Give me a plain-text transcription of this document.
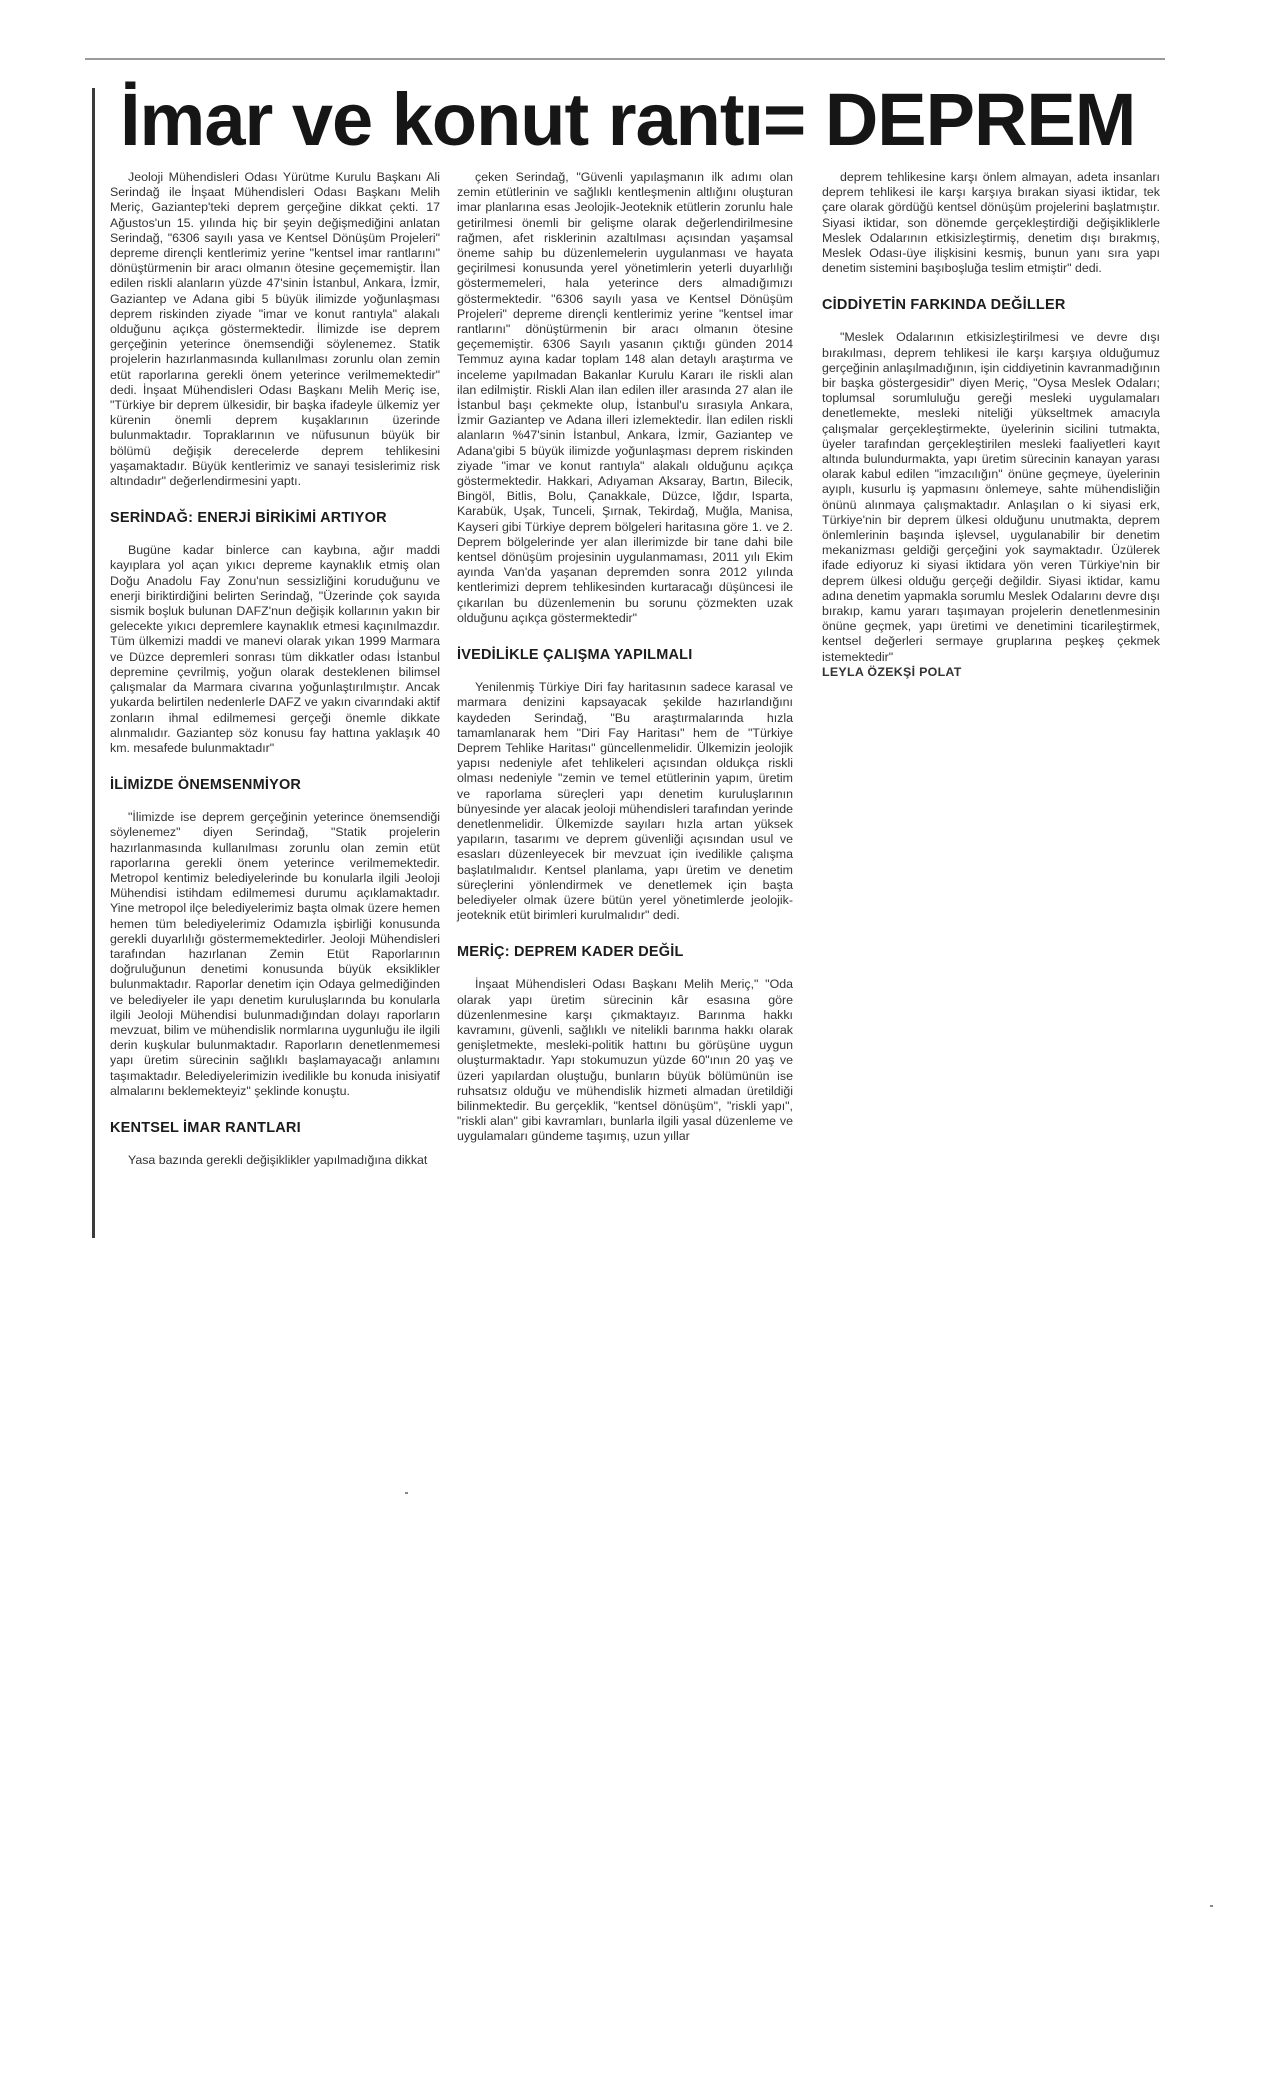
İmar ve konut rantı= DEPREM

Jeoloji Mühendisleri Odası Yürütme Kurulu Başkanı Ali Serindağ ile İnşaat Mühendisleri Odası Başkanı Melih Meriç, Gaziantep'teki deprem gerçeğine dikkat çekti. 17 Ağustos'un 15. yılında hiç bir şeyin değişmediğini anlatan Serindağ, "6306 sayılı yasa ve Kentsel Dönüşüm Projeleri" depreme dirençli kentlerimiz yerine "kentsel imar rantlarını" dönüştürmenin bir aracı olmanın ötesine geçememiştir. İlan edilen riskli alanların yüzde 47'sinin İstanbul, Ankara, İzmir, Gaziantep ve Adana gibi 5 büyük ilimizde yoğunlaşması deprem riskinden ziyade "imar ve konut rantıyla" alakalı olduğunu açıkça göstermektedir. İlimizde ise deprem gerçeğinin yeterince önemsendiği söylenemez. Statik projelerin hazırlanmasında kullanılması zorunlu olan zemin etüt raporlarına gerekli önem yeterince verilmemektedir" dedi. İnşaat Mühendisleri Odası Başkanı Melih Meriç ise, "Türkiye bir deprem ülkesidir, bir başka ifadeyle ülkemiz yer kürenin önemli deprem kuşaklarının üzerinde bulunmaktadır. Topraklarının ve nüfusunun büyük bir bölümü değişik derecelerde deprem tehlikesini yaşamaktadır. Büyük kentlerimiz ve sanayi tesislerimiz risk altındadır" değerlendirmesini yaptı.

SERİNDAĞ: ENERJİ BİRİKİMİ ARTIYOR

Bugüne kadar binlerce can kaybına, ağır maddi kayıplara yol açan yıkıcı depreme kaynaklık etmiş olan Doğu Anadolu Fay Zonu'nun sessizliğini koruduğunu ve enerji biriktirdiğini belirten Serindağ, "Üzerinde çok sayıda sismik boşluk bulunan DAFZ'nun değişik kollarının yakın bir gelecekte yıkıcı depremlere kaynaklık etmesi kaçınılmazdır. Tüm ülkemizi maddi ve manevi olarak yıkan 1999 Marmara ve Düzce depremleri sonrası tüm dikkatler odası İstanbul depremine çevrilmiş, yoğun olarak desteklenen bilimsel çalışmalar da Marmara civarına yoğunlaştırılmıştır. Ancak yukarda belirtilen nedenlerle DAFZ ve yakın civarındaki aktif zonların ihmal edilmemesi gerçeği önemle dikkate alınmalıdır. Gaziantep söz konusu fay hattına yaklaşık 40 km. mesafede bulunmaktadır"

İLİMİZDE ÖNEMSENMİYOR

"İlimizde ise deprem gerçeğinin yeterince önemsendiği söylenemez" diyen Serindağ, "Statik projelerin hazırlanmasında kullanılması zorunlu olan zemin etüt raporlarına gerekli önem yeterince verilmemektedir. Metropol kentimiz belediyelerinde bu konularla ilgili Jeoloji Mühendisi istihdam edilmemesi durumu açıklamaktadır. Yine metropol ilçe belediyelerimiz başta olmak üzere hemen hemen tüm belediyelerimiz Odamızla işbirliği konusunda gerekli duyarlılığı göstermemektedirler. Jeoloji Mühendisleri tarafından hazırlanan Zemin Etüt Raporlarının doğruluğunun denetimi konusunda büyük eksiklikler bulunmaktadır. Raporlar denetim için Odaya gelmediğinden ve belediyeler ile yapı denetim kuruluşlarında bu konularla ilgili Jeoloji Mühendisi bulunmadığından dolayı raporların mevzuat, bilim ve mühendislik normlarına uygunluğu ile ilgili derin kuşkular bulunmaktadır. Raporların denetlenmemesi yapı üretim sürecinin sağlıklı başlamayacağı anlamını taşımaktadır. Belediyelerimizin ivedilikle bu konuda inisiyatif almalarını beklemekteyiz" şeklinde konuştu.

KENTSEL İMAR RANTLARI

Yasa bazında gerekli değişiklikler yapılmadığına dikkat

çeken Serindağ, "Güvenli yapılaşmanın ilk adımı olan zemin etütlerinin ve sağlıklı kentleşmenin altlığını oluşturan imar planlarına esas Jeolojik-Jeoteknik etütlerin zorunlu hale getirilmesi önemli bir gelişme olarak değerlendirilmesine rağmen, afet risklerinin azaltılması açısından yaşamsal öneme sahip bu düzenlemelerin uygulanması ve hayata geçirilmesi konusunda yerel yönetimlerin yeterli duyarlılığı göstermemeleri, hala yeterince ders almadığımızı göstermektedir. "6306 sayılı yasa ve Kentsel Dönüşüm Projeleri" depreme dirençli kentlerimiz yerine "kentsel imar rantlarını" dönüştürmenin bir aracı olmanın ötesine geçememiştir. 6306 Sayılı yasanın çıktığı günden 2014 Temmuz ayına kadar toplam 148 alan detaylı araştırma ve inceleme yapılmadan Bakanlar Kurulu Kararı ile riskli alan ilan edilmiştir. Riskli Alan ilan edilen iller arasında 27 alan ile İstanbul başı çekmekte olup, İstanbul'u sırasıyla Ankara, İzmir Gaziantep ve Adana illeri izlemektedir. İlan edilen riskli alanların %47'sinin İstanbul, Ankara, İzmir, Gaziantep ve Adana'gibi 5 büyük ilimizde yoğunlaşması deprem riskinden ziyade "imar ve konut rantıyla" alakalı olduğunu açıkça göstermektedir. Hakkari, Adıyaman Aksaray, Bartın, Bilecik, Bingöl, Bitlis, Bolu, Çanakkale, Düzce, Iğdır, Isparta, Karabük, Uşak, Tunceli, Şırnak, Tekirdağ, Muğla, Manisa, Kayseri gibi Türkiye deprem bölgeleri haritasına göre 1. ve 2. Deprem bölgelerinde yer alan illerimizde bir tane dahi bile kentsel dönüşüm projesinin uygulanmaması, 2011 yılı Ekim ayında Van'da yaşanan depremden sonra 2012 yılında kentlerimizi deprem tehlikesinden kurtaracağı düşüncesi ile çıkarılan bu düzenlemenin bu sorunu çözmekten uzak olduğunu açıkça göstermektedir"

İVEDİLİKLE ÇALIŞMA YAPILMALI

Yenilenmiş Türkiye Diri fay haritasının sadece karasal ve marmara denizini kapsayacak şekilde hazırlandığını kaydeden Serindağ, "Bu araştırmalarında hızla tamamlanarak hem "Diri Fay Haritası" hem de "Türkiye Deprem Tehlike Haritası" güncellenmelidir. Ülkemizin jeolojik yapısı nedeniyle afet tehlikeleri açısından oldukça riskli olması nedeniyle "zemin ve temel etütlerinin yapım, üretim ve raporlama süreçleri yapı denetim kuruluşlarının bünyesinde yer alacak jeoloji mühendisleri tarafından yerinde denetlenmelidir. Ülkemizde sayıları hızla artan yüksek yapıların, tasarımı ve deprem güvenliği açısından usul ve esasları düzenleyecek bir mevzuat için ivedilikle çalışma başlatılmalıdır. Kentsel planlama, yapı üretim ve denetim süreçlerini yönlendirmek ve denetlemek için başta belediyeler olmak üzere bütün yerel yönetimlerde jeolojik-jeoteknik etüt birimleri kurulmalıdır" dedi.

MERİÇ: DEPREM KADER DEĞİL

İnşaat Mühendisleri Odası Başkanı Melih Meriç," "Oda olarak yapı üretim sürecinin kâr esasına göre düzenlenmesine karşı çıkmaktayız. Barınma hakkı kavramını, güvenli, sağlıklı ve nitelikli barınma hakkı olarak genişletmekte, mesleki-politik hattını bu görüşüne uygun oluşturmaktadır. Yapı stokumuzun yüzde 60"ının 20 yaş ve üzeri yapılardan oluştuğu, bunların büyük bölümünün ise ruhsatsız olduğu ve mühendislik hizmeti almadan üretildiği bilinmektedir. Bu gerçeklik, "kentsel dönüşüm", "riskli yapı", "riskli alan" gibi kavramları, bunlarla ilgili yasal düzenleme ve uygulamaları gündeme taşımış, uzun yıllar

deprem tehlikesine karşı önlem almayan, adeta insanları deprem tehlikesi ile karşı karşıya bırakan siyasi iktidar, tek çare olarak gördüğü kentsel dönüşüm projelerini başlatmıştır. Siyasi iktidar, son dönemde gerçekleştirdiği değişikliklerle Meslek Odalarının etkisizleştirmiş, denetim dışı bırakmış, Meslek Odası-üye ilişkisini kesmiş, bunun yanı sıra yapı denetim sistemini başıboşluğa teslim etmiştir" dedi.

CİDDİYETİN FARKINDA DEĞİLLER

"Meslek Odalarının etkisizleştirilmesi ve devre dışı bırakılması, deprem tehlikesi ile karşı karşıya olduğumuz gerçeğinin anlaşılmadığının, işin ciddiyetinin kavranmadığının bir başka göstergesidir" diyen Meriç, "Oysa Meslek Odaları; toplumsal sorumluluğu gereği mesleki uygulamaları denetlemekte, mesleki niteliği yükseltmek amacıyla çalışmalar gerçekleştirmekte, üyelerinin sicilini tutmakta, üyeler tarafından gerçekleştirilen mesleki faaliyetleri kayıt altında bulundurmakta, yapı üretim sürecinin kanayan yarası olarak kabul edilen "imzacılığın" önüne geçmeye, üyelerinin ayıplı, kusurlu iş yapmasını önlemeye, sahte mühendisliğin önünü alınmaya çalışmaktadır. Anlaşılan o ki siyasi erk, Türkiye'nin bir deprem ülkesi olduğunu unutmakta, deprem önlemlerinin başında işlevsel, uygulanabilir bir denetim mekanizması geldiği gerçeğini yok saymaktadır. Üzülerek ifade ediyoruz ki siyasi iktidara yön veren Türkiye'nin bir deprem ülkesi olduğu gerçeği değildir. Siyasi iktidar, kamu adına denetim yapmakla sorumlu Meslek Odalarını devre dışı bırakıp, kamu yararı taşımayan projelerin denetlenmesinin önüne geçmek, yapı üretimi ve denetimini ticarileştirmek, kentsel değerleri sermaye gruplarına peşkeş çekmek istemektedir"

LEYLA ÖZEKŞİ POLAT
